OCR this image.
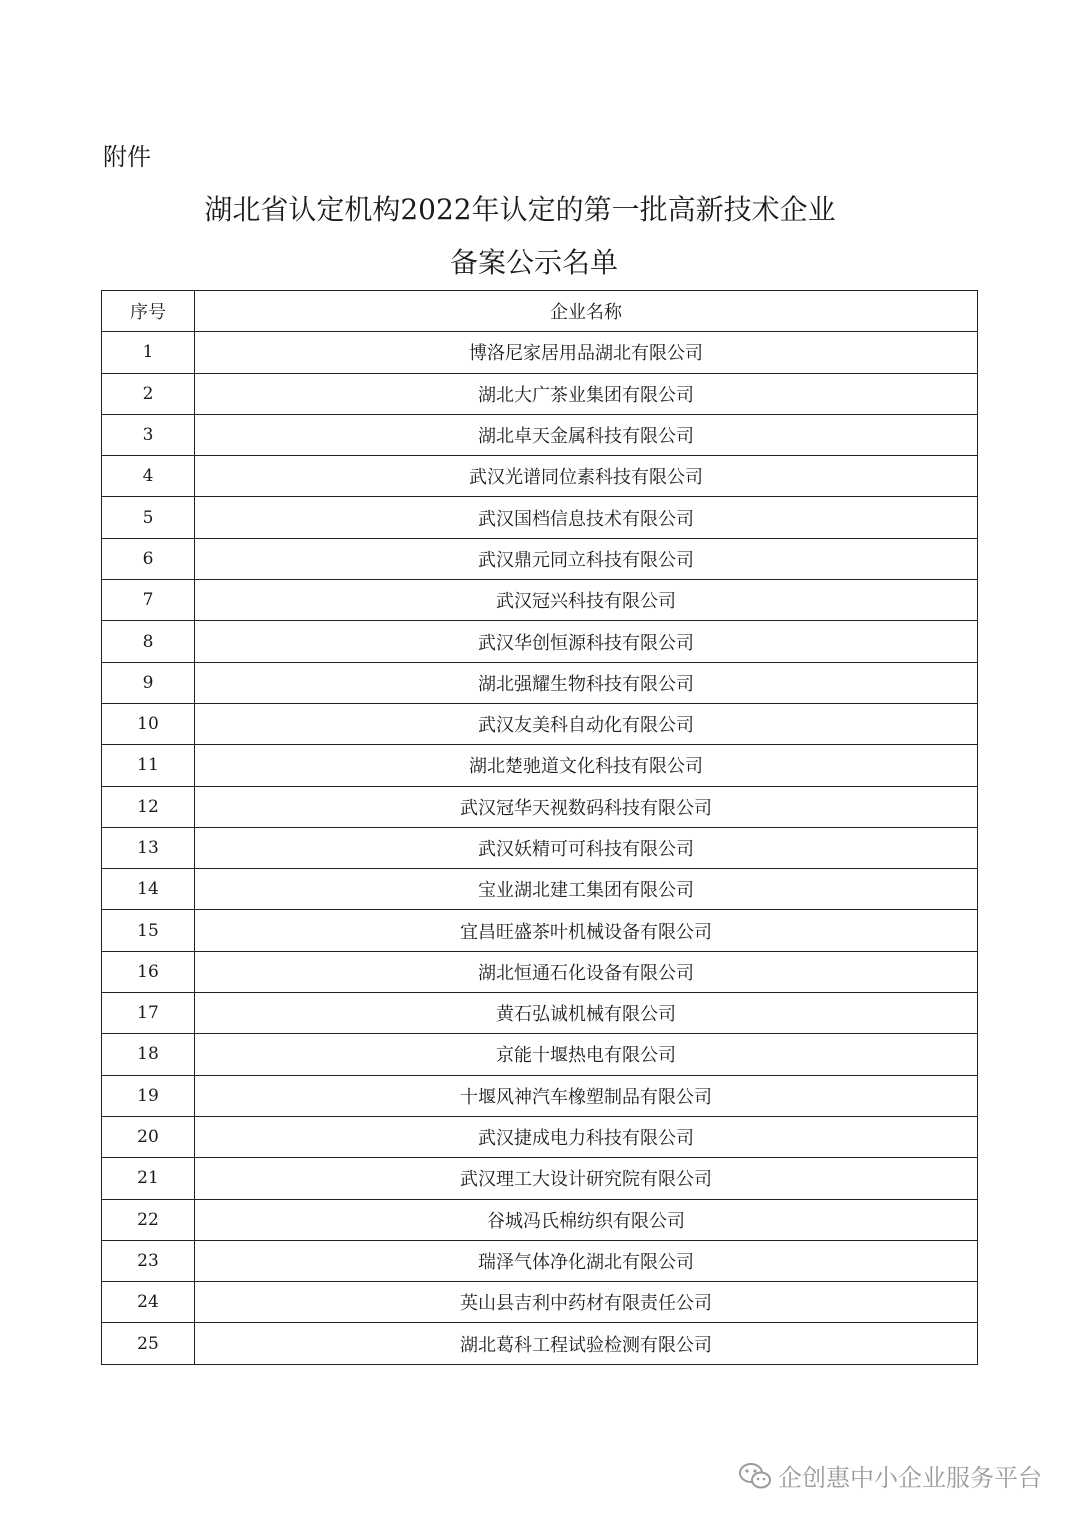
附件
湖北省认定机构2022年认定的第一批高新技术企业
备案公示名单
序号	企业名称
1	博洛尼家居用品湖北有限公司
2	湖北大广茶业集团有限公司
3	湖北卓天金属科技有限公司
4	武汉光谱同位素科技有限公司
5	武汉国档信息技术有限公司
6	武汉鼎元同立科技有限公司
7	武汉冠兴科技有限公司
8	武汉华创恒源科技有限公司
9	湖北强耀生物科技有限公司
10	武汉友美科自动化有限公司
11	湖北楚驰道文化科技有限公司
12	武汉冠华天视数码科技有限公司
13	武汉妖精可可科技有限公司
14	宝业湖北建工集团有限公司
15	宜昌旺盛茶叶机械设备有限公司
16	湖北恒通石化设备有限公司
17	黄石弘诚机械有限公司
18	京能十堰热电有限公司
19	十堰风神汽车橡塑制品有限公司
20	武汉捷成电力科技有限公司
21	武汉理工大设计研究院有限公司
22	谷城冯氏棉纺织有限公司
23	瑞泽气体净化湖北有限公司
24	英山县吉利中药材有限责任公司
25	湖北葛科工程试验检测有限公司
企创惠中小企业服务平台
